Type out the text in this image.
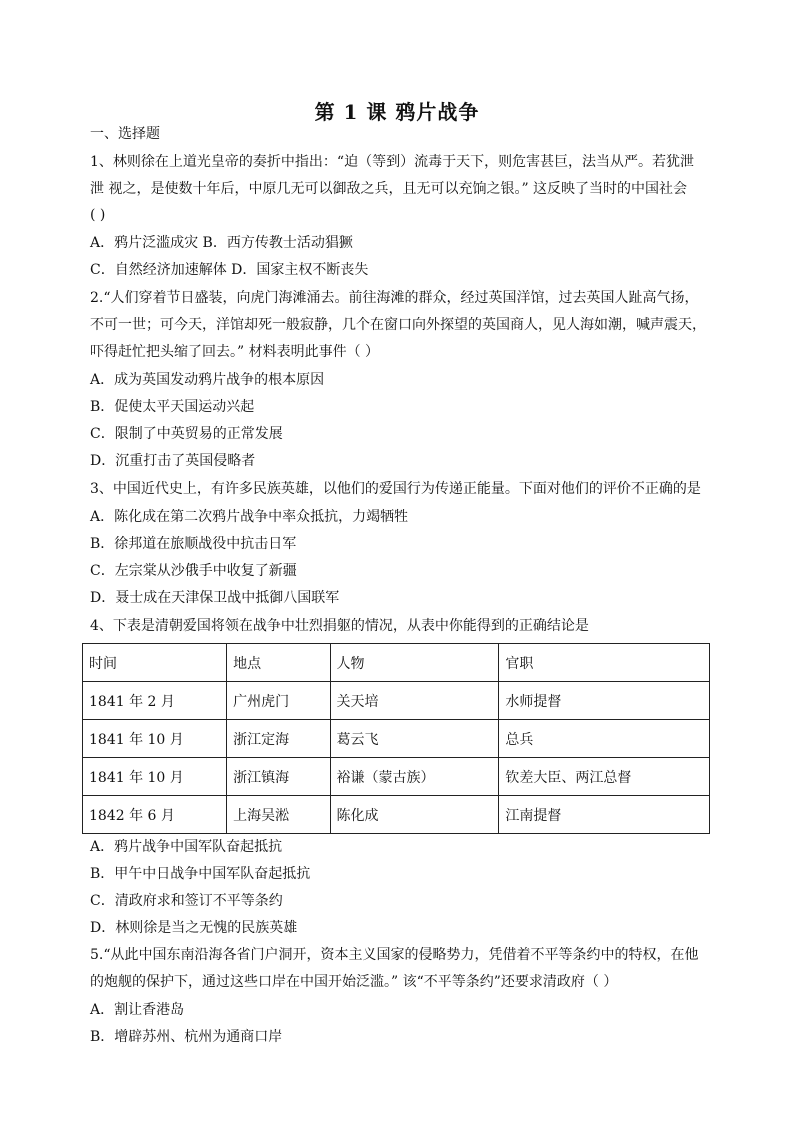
第 1 课 鸦片战争
一、选择题
1、林则徐在上道光皇帝的奏折中指出：“迫（等到）流毒于天下，则危害甚巨，法当从严。若犹泄
泄 视之，是使数十年后，中原几无可以御敌之兵，且无可以充饷之银。” 这反映了当时的中国社会
( )
A．鸦片泛滥成灾 B．西方传教士活动猖獗
C．自然经济加速解体 D．国家主权不断丧失
2.“人们穿着节日盛装，向虎门海滩涌去。前往海滩的群众，经过英国洋馆，过去英国人趾高气扬，
不可一世；可今天，洋馆却死一般寂静，几个在窗口向外探望的英国商人，见人海如潮，喊声震天，
吓得赶忙把头缩了回去。” 材料表明此事件（ ）
A．成为英国发动鸦片战争的根本原因
B．促使太平天国运动兴起
C．限制了中英贸易的正常发展
D．沉重打击了英国侵略者
3、中国近代史上，有许多民族英雄，以他们的爱国行为传递正能量。下面对他们的评价不正确的是
A．陈化成在第二次鸦片战争中率众抵抗，力竭牺牲
B．徐邦道在旅顺战役中抗击日军
C．左宗棠从沙俄手中收复了新疆
D．聂士成在天津保卫战中抵御八国联军
4、下表是清朝爱国将领在战争中壮烈捐躯的情况，从表中你能得到的正确结论是
时间	地点	人物	官职
1841 年 2 月	广州虎门	关天培	水师提督
1841 年 10 月	浙江定海	葛云飞	总兵
1841 年 10 月	浙江镇海	裕谦（蒙古族）	钦差大臣、两江总督
1842 年 6 月	上海吴淞	陈化成	江南提督
A．鸦片战争中国军队奋起抵抗
B．甲午中日战争中国军队奋起抵抗
C．清政府求和签订不平等条约
D．林则徐是当之无愧的民族英雄
5.“从此中国东南沿海各省门户洞开，资本主义国家的侵略势力，凭借着不平等条约中的特权，在他
的炮舰的保护下，通过这些口岸在中国开始泛滥。” 该“不平等条约”还要求清政府（ ）
A．割让香港岛
B．增辟苏州、杭州为通商口岸
